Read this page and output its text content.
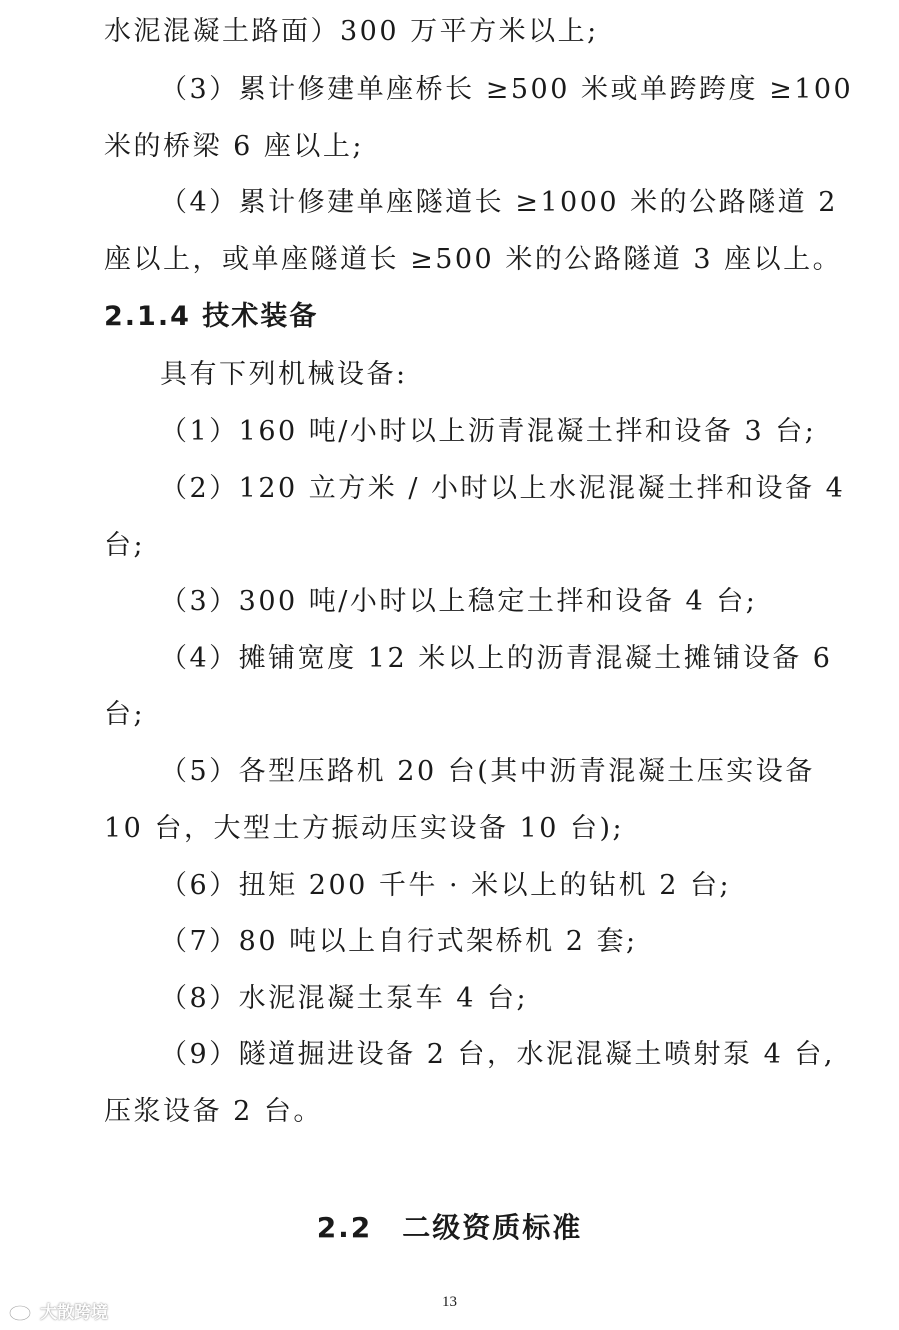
水泥混凝土路面）300 万平方米以上;
（3）累计修建单座桥长 ≥500 米或单跨跨度 ≥100
米的桥梁 6 座以上;
（4）累计修建单座隧道长 ≥1000 米的公路隧道 2
座以上，或单座隧道长 ≥500 米的公路隧道 3 座以上。
2.1.4 技术装备
具有下列机械设备:
（1）160 吨/小时以上沥青混凝土拌和设备 3 台;
（2）120 立方米 / 小时以上水泥混凝土拌和设备 4
台;
（3）300 吨/小时以上稳定土拌和设备 4 台;
（4）摊铺宽度 12 米以上的沥青混凝土摊铺设备 6
台;
（5）各型压路机 20 台(其中沥青混凝土压实设备
10 台，大型土方振动压实设备 10 台);
（6）扭矩 200 千牛 · 米以上的钻机 2 台;
（7）80 吨以上自行式架桥机 2 套;
（8）水泥混凝土泵车 4 台;
（9）隧道掘进设备 2 台，水泥混凝土喷射泵 4 台,
压浆设备 2 台。
2.2　二级资质标准
13
大散跨境
